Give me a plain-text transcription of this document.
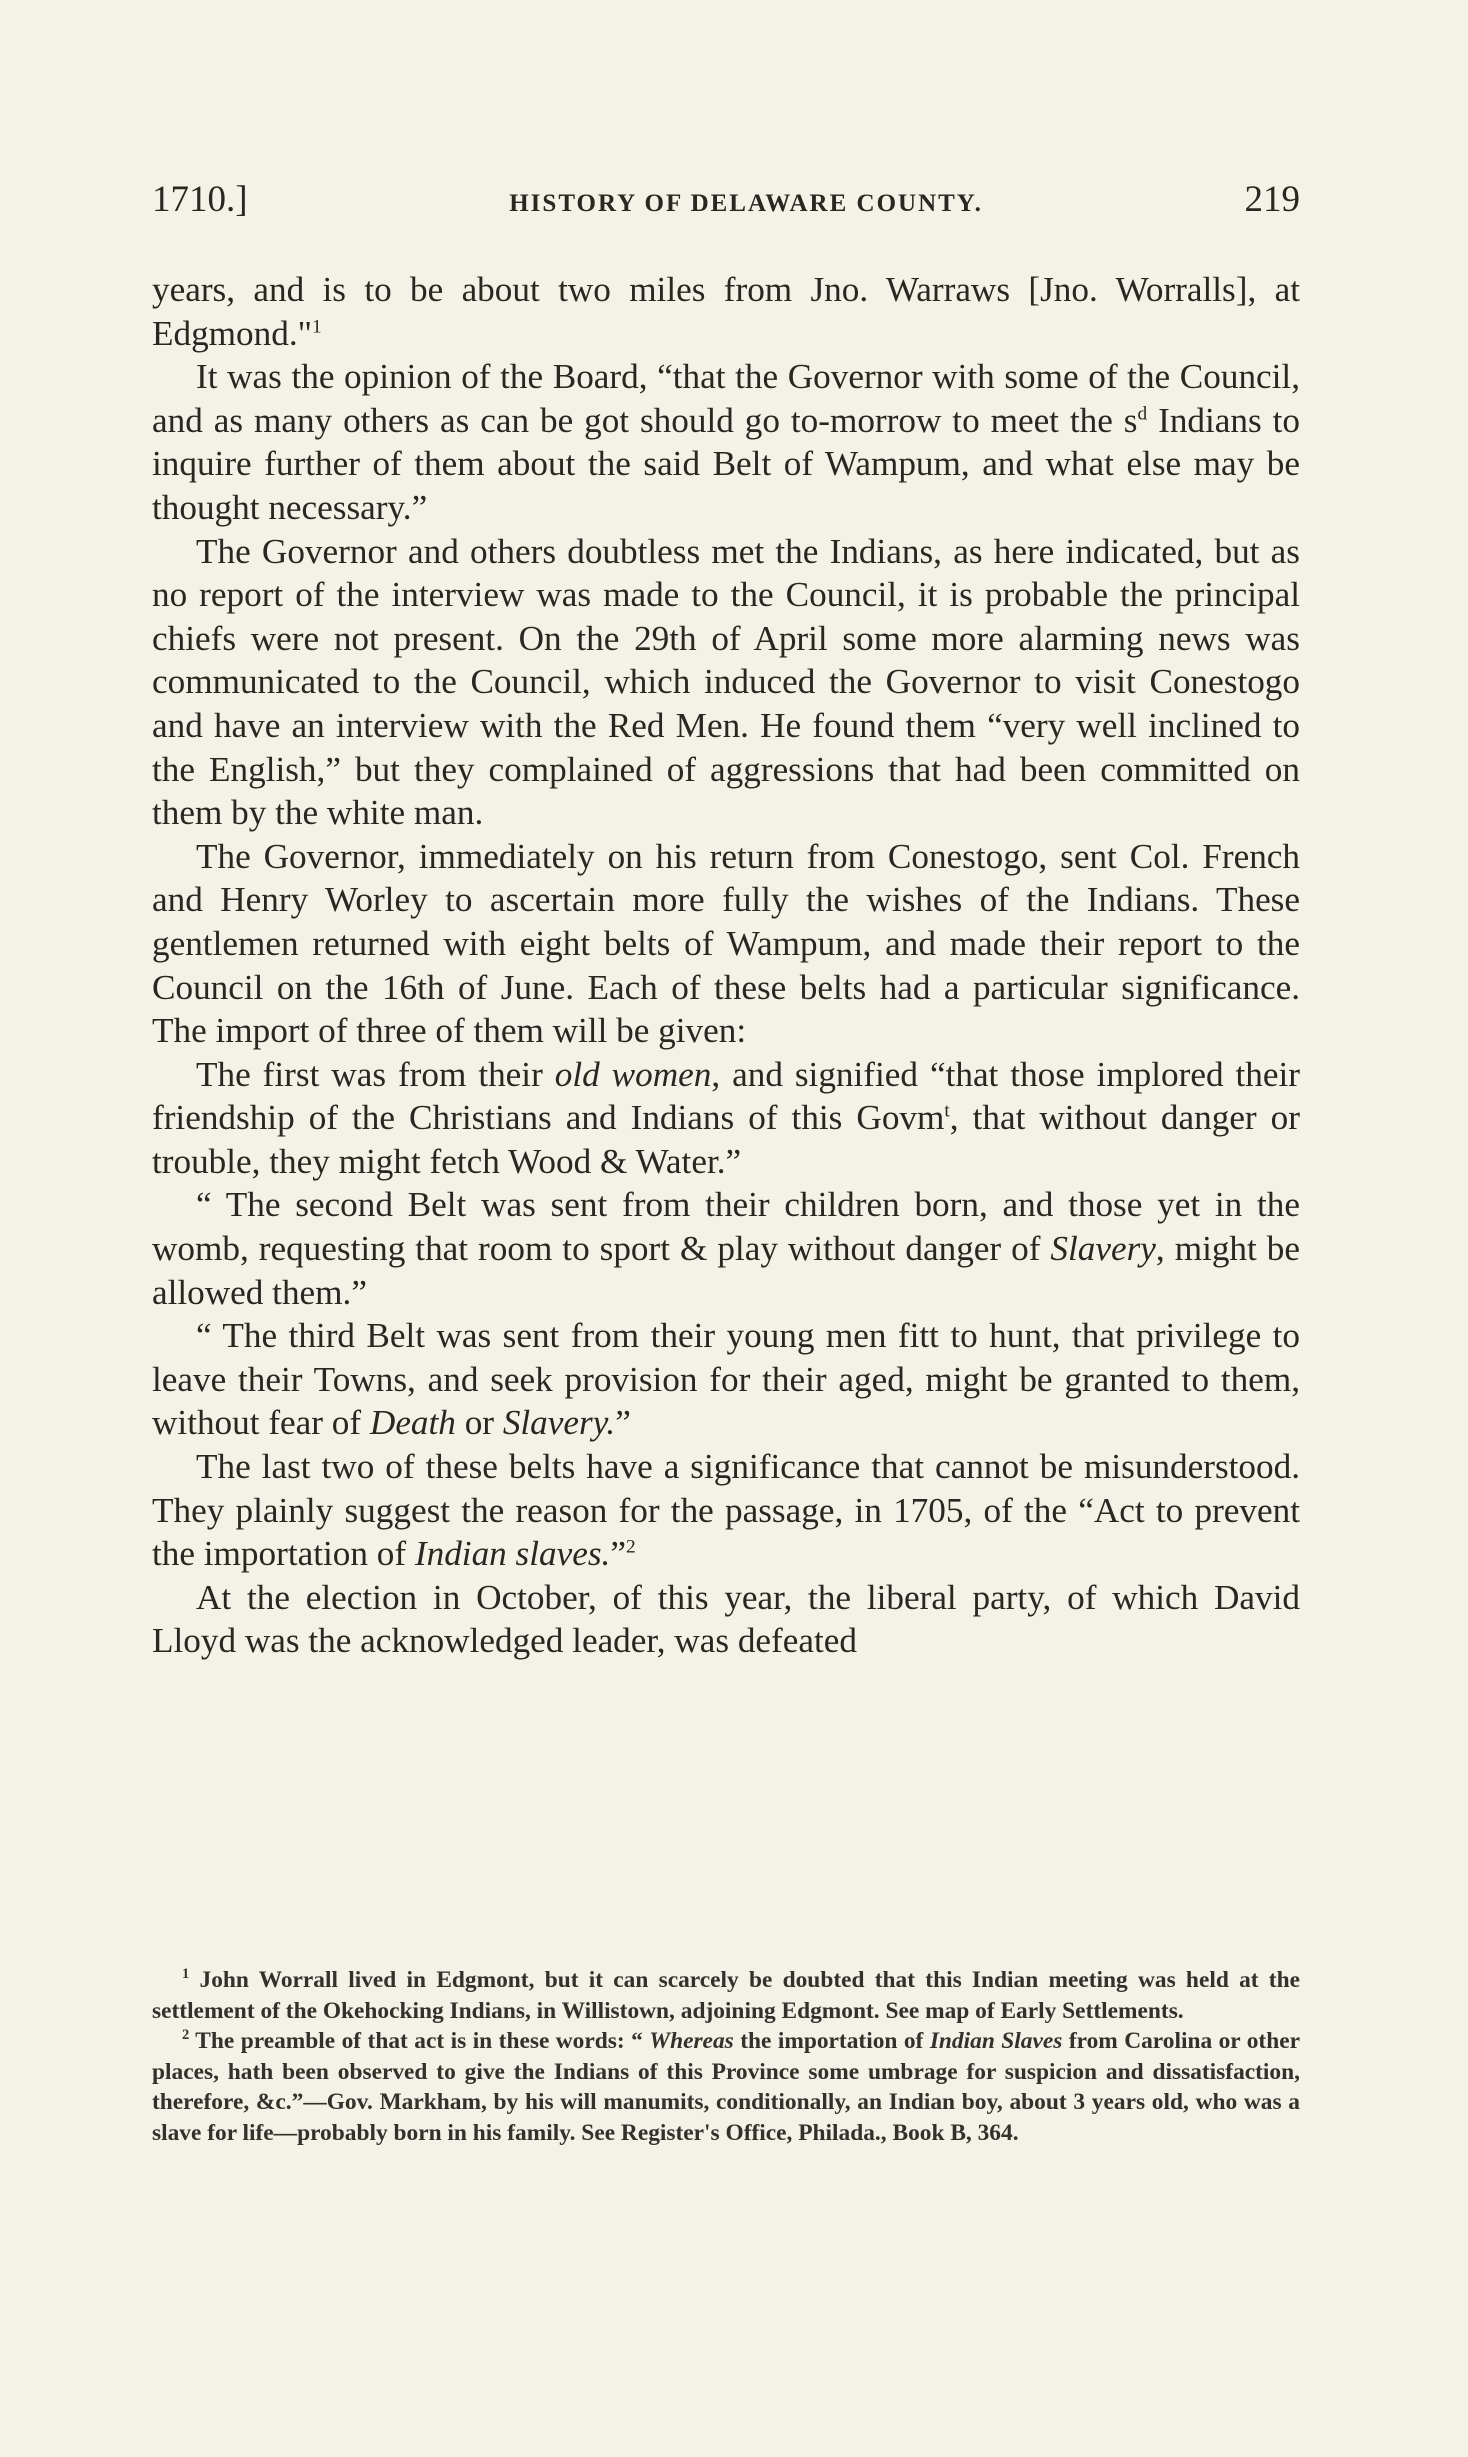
1710.]	HISTORY OF DELAWARE COUNTY.	219

years, and is to be about two miles from Jno. Warraws [Jno. Worralls], at Edgmond."$^1$

It was the opinion of the Board, “that the Governor with some of the Council, and as many others as can be got should go to-morrow to meet the $s^d$ Indians to inquire further of them about the said Belt of Wampum, and what else may be thought necessary.”

The Governor and others doubtless met the Indians, as here indicated, but as no report of the interview was made to the Council, it is probable the principal chiefs were not present. On the 29th of April some more alarming news was communicated to the Council, which induced the Governor to visit Conestogo and have an interview with the Red Men. He found them “very well inclined to the English,” but they complained of aggressions that had been committed on them by the white man.

The Governor, immediately on his return from Conestogo, sent Col. French and Henry Worley to ascertain more fully the wishes of the Indians. These gentlemen returned with eight belts of Wampum, and made their report to the Council on the 16th of June. Each of these belts had a particular significance. The import of three of them will be given:

The first was from their old women, and signified “that those implored their friendship of the Christians and Indians of this Govm$^t$, that without danger or trouble, they might fetch Wood & Water.”

“ The second Belt was sent from their children born, and those yet in the womb, requesting that room to sport & play without danger of Slavery, might be allowed them.”

“ The third Belt was sent from their young men fitt to hunt, that privilege to leave their Towns, and seek provision for their aged, might be granted to them, without fear of Death or Slavery.”

The last two of these belts have a significance that cannot be misunderstood. They plainly suggest the reason for the passage, in 1705, of the “Act to prevent the importation of Indian slaves.”$^2$

At the election in October, of this year, the liberal party, of which David Lloyd was the acknowledged leader, was defeated

$^1$ John Worrall lived in Edgmont, but it can scarcely be doubted that this Indian meeting was held at the settlement of the Okehocking Indians, in Willistown, adjoining Edgmont. See map of Early Settlements.

$^2$ The preamble of that act is in these words: “ Whereas the importation of Indian Slaves from Carolina or other places, hath been observed to give the Indians of this Province some umbrage for suspicion and dissatisfaction, therefore, &c.”—Gov. Markham, by his will manumits, conditionally, an Indian boy, about 3 years old, who was a slave for life—probably born in his family. See Register's Office, Philada., Book B, 364.
